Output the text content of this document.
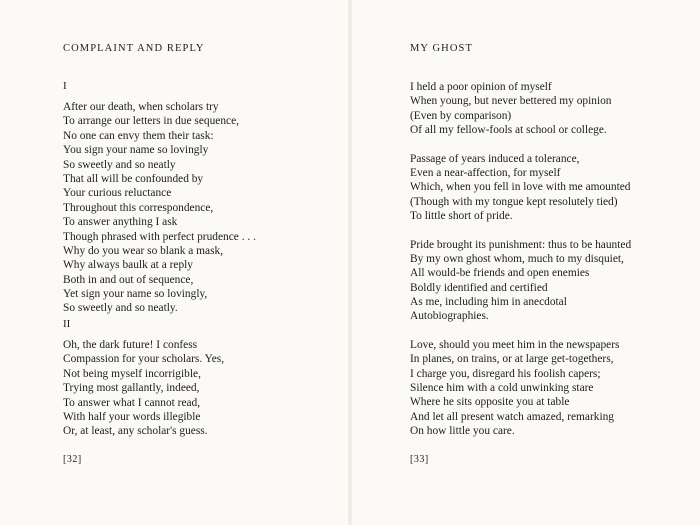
COMPLAINT AND REPLY

I

After our death, when scholars try
To arrange our letters in due sequence,
No one can envy them their task:
You sign your name so lovingly
So sweetly and so neatly
That all will be confounded by
Your curious reluctance
Throughout this correspondence,
To answer anything I ask
Though phrased with perfect prudence . . .
Why do you wear so blank a mask,
Why always baulk at a reply
Both in and out of sequence,
Yet sign your name so lovingly,
So sweetly and so neatly.

II

Oh, the dark future! I confess
Compassion for your scholars. Yes,
Not being myself incorrigible,
Trying most gallantly, indeed,
To answer what I cannot read,
With half your words illegible
Or, at least, any scholar's guess.
[32]
MY GHOST
I held a poor opinion of myself
When young, but never bettered my opinion
(Even by comparison)
Of all my fellow-fools at school or college.
Passage of years induced a tolerance,
Even a near-affection, for myself
Which, when you fell in love with me amounted
(Though with my tongue kept resolutely tied)
To little short of pride.
Pride brought its punishment: thus to be haunted
By my own ghost whom, much to my disquiet,
All would-be friends and open enemies
Boldly identified and certified
As me, including him in anecdotal
Autobiographies.
Love, should you meet him in the newspapers
In planes, on trains, or at large get-togethers,
I charge you, disregard his foolish capers;
Silence him with a cold unwinking stare
Where he sits opposite you at table
And let all present watch amazed, remarking
On how little you care.
[33]
